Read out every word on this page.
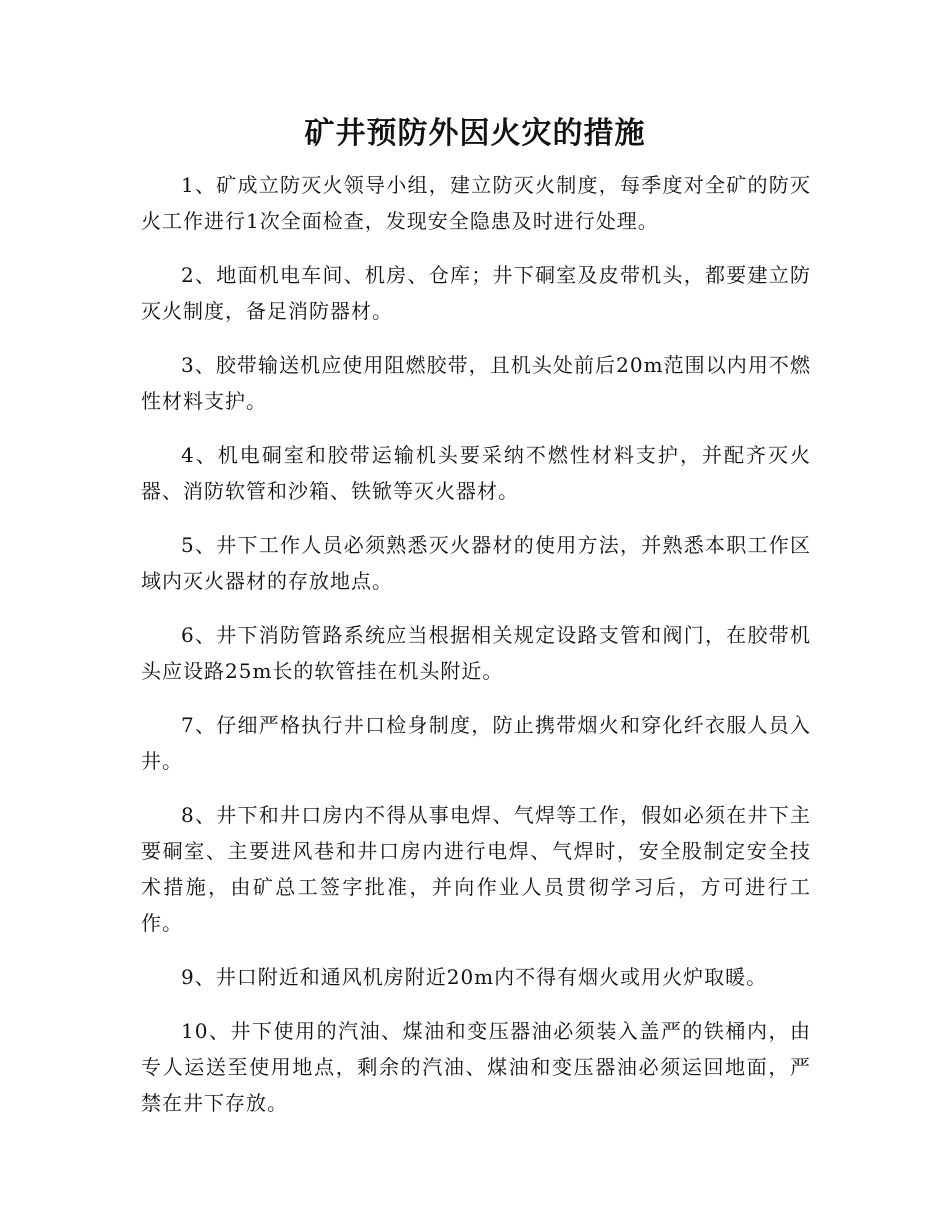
矿井预防外因火灾的措施

1、矿成立防灭火领导小组，建立防灭火制度，每季度对全矿的防灭火工作进行1次全面检查，发现安全隐患及时进行处理。

2、地面机电车间、机房、仓库；井下硐室及皮带机头，都要建立防灭火制度，备足消防器材。

3、胶带输送机应使用阻燃胶带，且机头处前后20m范围以内用不燃性材料支护。

4、机电硐室和胶带运输机头要采纳不燃性材料支护，并配齐灭火器、消防软管和沙箱、铁锨等灭火器材。

5、井下工作人员必须熟悉灭火器材的使用方法，并熟悉本职工作区域内灭火器材的存放地点。

6、井下消防管路系统应当根据相关规定设路支管和阀门，在胶带机头应设路25m长的软管挂在机头附近。

7、仔细严格执行井口检身制度，防止携带烟火和穿化纤衣服人员入井。

8、井下和井口房内不得从事电焊、气焊等工作，假如必须在井下主要硐室、主要进风巷和井口房内进行电焊、气焊时，安全股制定安全技术措施，由矿总工签字批准，并向作业人员贯彻学习后，方可进行工作。

9、井口附近和通风机房附近20m内不得有烟火或用火炉取暖。

10、井下使用的汽油、煤油和变压器油必须装入盖严的铁桶内，由专人运送至使用地点，剩余的汽油、煤油和变压器油必须运回地面，严禁在井下存放。
